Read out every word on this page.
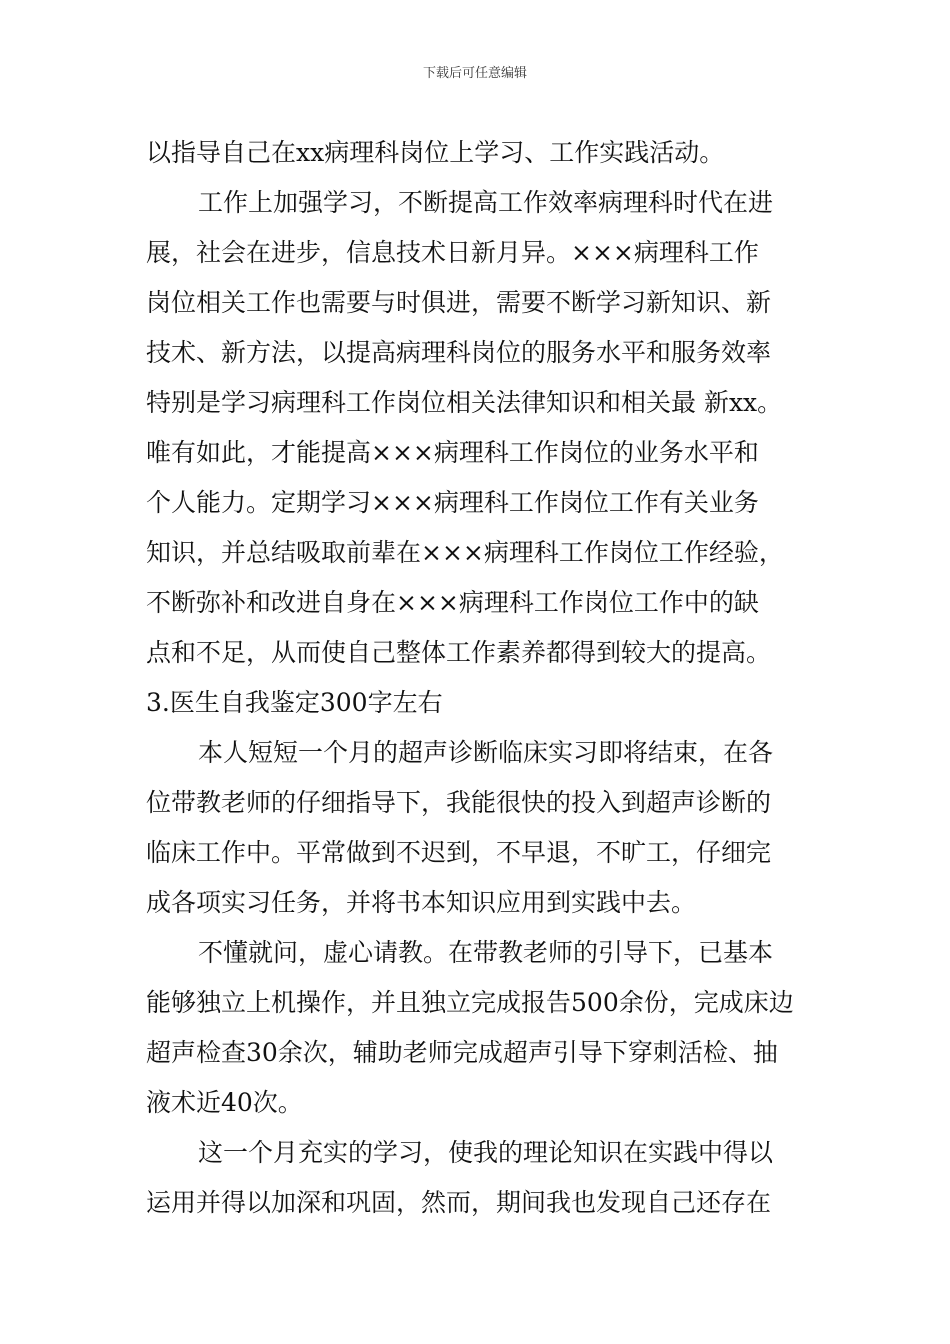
下载后可任意编辑
以指导自己在xx病理科岗位上学习、工作实践活动。
工作上加强学习，不断提高工作效率病理科时代在进
展，社会在进步，信息技术日新月异。×××病理科工作
岗位相关工作也需要与时俱进，需要不断学习新知识、新
技术、新方法，以提高病理科岗位的服务水平和服务效率
特别是学习病理科工作岗位相关法律知识和相关最 新xx。
唯有如此，才能提高×××病理科工作岗位的业务水平和
个人能力。定期学习×××病理科工作岗位工作有关业务
知识，并总结吸取前辈在×××病理科工作岗位工作经验，
不断弥补和改进自身在×××病理科工作岗位工作中的缺
点和不足，从而使自己整体工作素养都得到较大的提高。
3.医生自我鉴定300字左右
本人短短一个月的超声诊断临床实习即将结束，在各
位带教老师的仔细指导下，我能很快的投入到超声诊断的
临床工作中。平常做到不迟到，不早退，不旷工，仔细完
成各项实习任务，并将书本知识应用到实践中去。
不懂就问，虚心请教。在带教老师的引导下，已基本
能够独立上机操作，并且独立完成报告500余份，完成床边
超声检查30余次，辅助老师完成超声引导下穿刺活检、抽
液术近40次。
这一个月充实的学习，使我的理论知识在实践中得以
运用并得以加深和巩固，然而，期间我也发现自己还存在
